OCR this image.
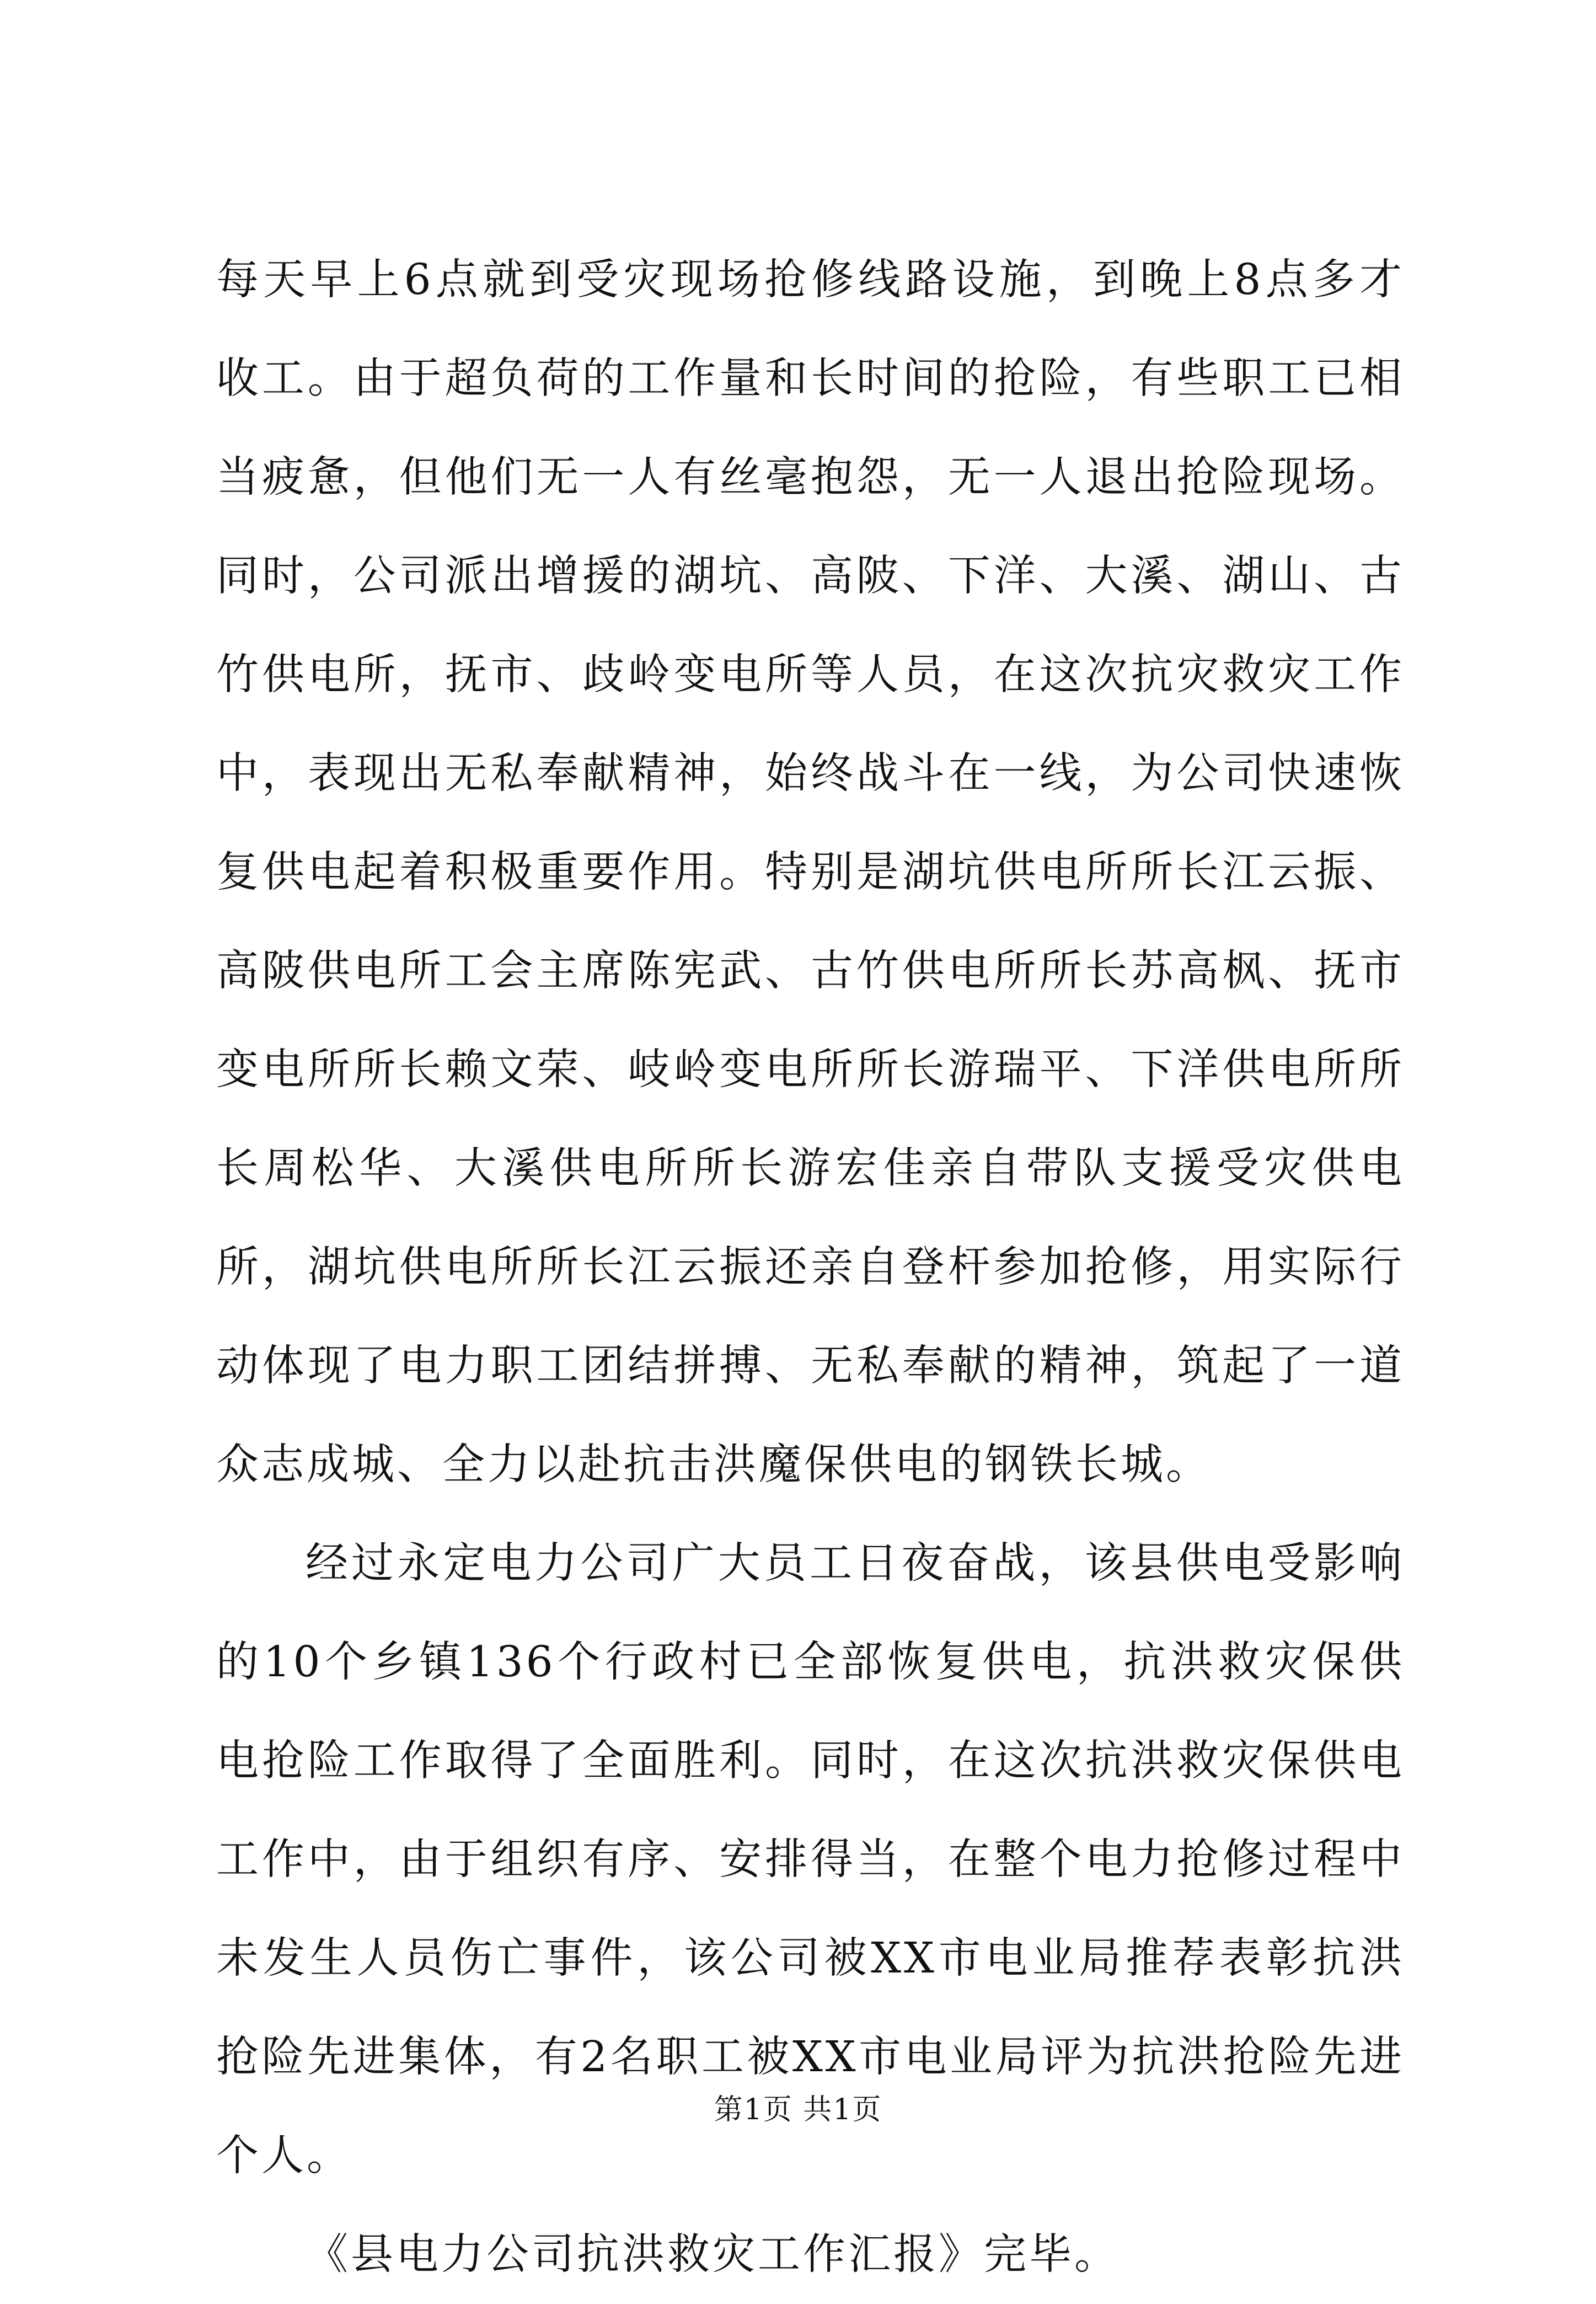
每天早上6点就到受灾现场抢修线路设施，到晚上8点多才收工。由于超负荷的工作量和长时间的抢险，有些职工已相当疲惫，但他们无一人有丝毫抱怨，无一人退出抢险现场。同时，公司派出增援的湖坑、高陂、下洋、大溪、湖山、古竹供电所，抚市、歧岭变电所等人员，在这次抗灾救灾工作中，表现出无私奉献精神，始终战斗在一线，为公司快速恢复供电起着积极重要作用。特别是湖坑供电所所长江云振、高陂供电所工会主席陈宪武、古竹供电所所长苏高枫、抚市变电所所长赖文荣、岐岭变电所所长游瑞平、下洋供电所所长周松华、大溪供电所所长游宏佳亲自带队支援受灾供电所，湖坑供电所所长江云振还亲自登杆参加抢修，用实际行动体现了电力职工团结拼搏、无私奉献的精神，筑起了一道众志成城、全力以赴抗击洪魔保供电的钢铁长城。

经过永定电力公司广大员工日夜奋战，该县供电受影响的10个乡镇136个行政村已全部恢复供电，抗洪救灾保供电抢险工作取得了全面胜利。同时，在这次抗洪救灾保供电工作中，由于组织有序、安排得当，在整个电力抢修过程中未发生人员伤亡事件，该公司被XX市电业局推荐表彰抗洪抢险先进集体，有2名职工被XX市电业局评为抗洪抢险先进个人。

《县电力公司抗洪救灾工作汇报》完毕。

第1页 共1页
